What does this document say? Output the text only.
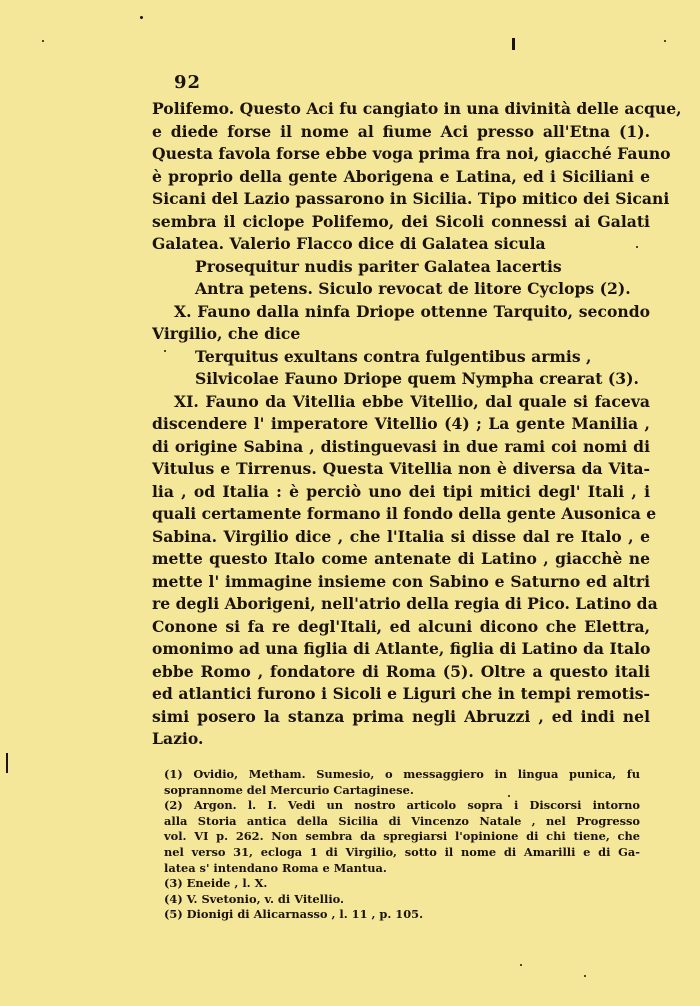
92
Polifemo. Questo Aci fu cangiato in una divinità delle acque,
e diede forse il nome al fiume Aci presso all'Etna (1).
Questa favola forse ebbe voga prima fra noi, giacché Fauno
è proprio della gente Aborigena e Latina, ed i Siciliani e
Sicani del Lazio passarono in Sicilia. Tipo mitico dei Sicani
sembra il ciclope Polifemo, dei Sicoli connessi ai Galati
Galatea. Valerio Flacco dice di Galatea sicula
Prosequitur nudis pariter Galatea lacertis
Antra petens. Siculo revocat de litore Cyclops (2).
X. Fauno dalla ninfa Driope ottenne Tarquito, secondo
Virgilio, che dice
Terquitus exultans contra fulgentibus armis ,
Silvicolae Fauno Driope quem Nympha crearat (3).
XI. Fauno da Vitellia ebbe Vitellio, dal quale si faceva
discendere l' imperatore Vitellio (4) ; La gente Manilia ,
di origine Sabina , distinguevasi in due rami coi nomi di
Vitulus e Tirrenus. Questa Vitellia non è diversa da Vita-
lia , od Italia : è perciò uno dei tipi mitici degl' Itali , i
quali certamente formano il fondo della gente Ausonica e
Sabina. Virgilio dice , che l'Italia si disse dal re Italo , e
mette questo Italo come antenate di Latino , giacchè ne
mette l' immagine insieme con Sabino e Saturno ed altri
re degli Aborigeni, nell'atrio della regia di Pico. Latino da
Conone si fa re degl'Itali, ed alcuni dicono che Elettra,
omonimo ad una figlia di Atlante, figlia di Latino da Italo
ebbe Romo , fondatore di Roma (5). Oltre a questo itali
ed atlantici furono i Sicoli e Liguri che in tempi remotis-
simi posero la stanza prima negli Abruzzi , ed indi nel
Lazio.
(1) Ovidio, Metham. Sumesio, o messaggiero in lingua punica, fu
soprannome del Mercurio Cartaginese.
(2) Argon. l. I. Vedi un nostro articolo sopra i Discorsi intorno
alla Storia antica della Sicilia di Vincenzo Natale , nel Progresso
vol. VI p. 262. Non sembra da spregiarsi l'opinione di chi tiene, che
nel verso 31, ecloga 1 di Virgilio, sotto il nome di Amarilli e di Ga-
latea s' intendano Roma e Mantua.
(3) Eneide , l. X.
(4) V. Svetonio, v. di Vitellio.
(5) Dionigi di Alicarnasso , l. 11 , p. 105.
